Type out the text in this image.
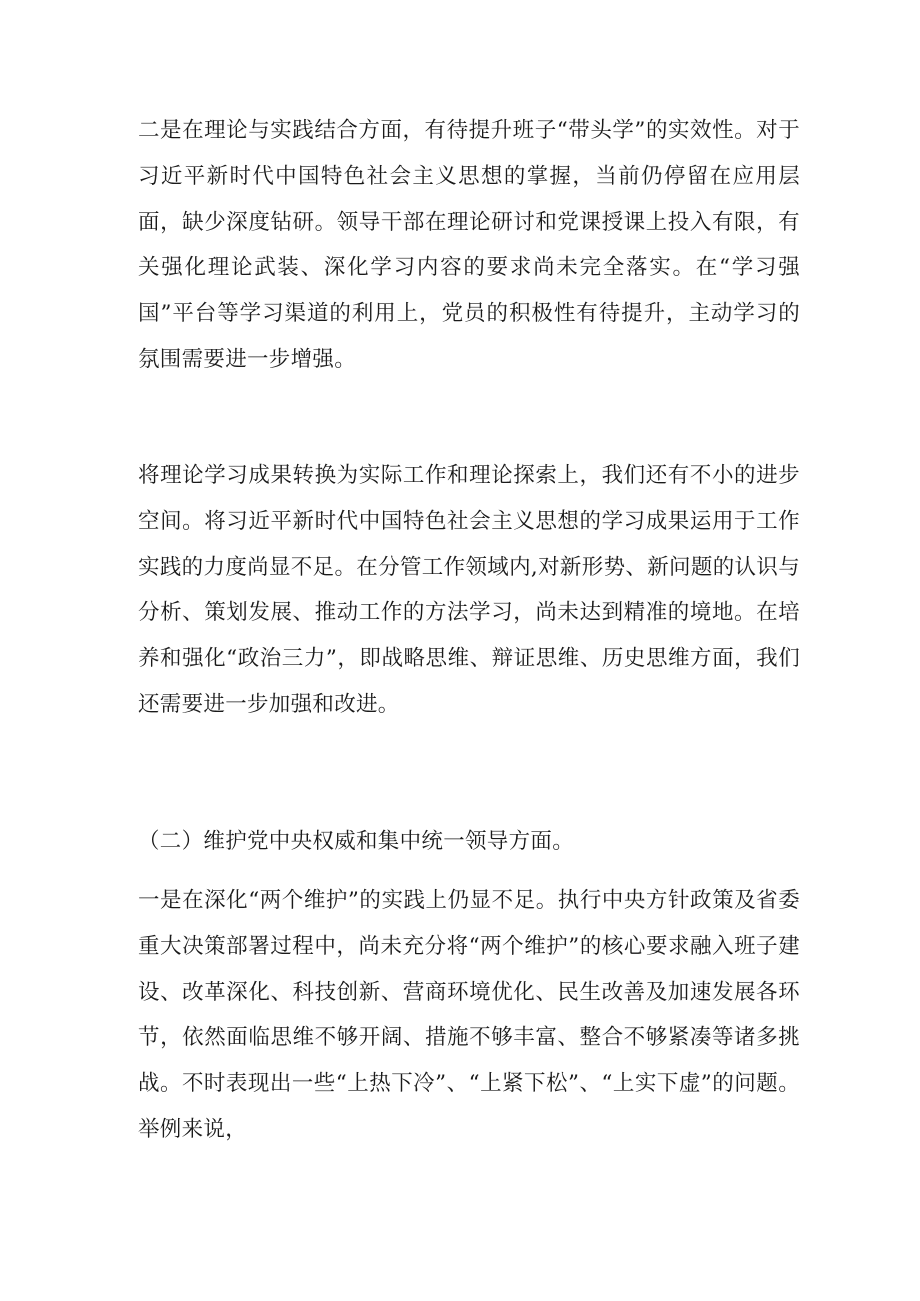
二是在理论与实践结合方面，有待提升班子“带头学”的实效性。对于习近平新时代中国特色社会主义思想的掌握，当前仍停留在应用层面，缺少深度钻研。领导干部在理论研讨和党课授课上投入有限，有关强化理论武装、深化学习内容的要求尚未完全落实。在“学习强国”平台等学习渠道的利用上，党员的积极性有待提升，主动学习的氛围需要进一步增强。
将理论学习成果转换为实际工作和理论探索上，我们还有不小的进步空间。将习近平新时代中国特色社会主义思想的学习成果运用于工作实践的力度尚显不足。在分管工作领域内,对新形势、新问题的认识与分析、策划发展、推动工作的方法学习，尚未达到精准的境地。在培养和强化“政治三力”，即战略思维、辩证思维、历史思维方面，我们还需要进一步加强和改进。
（二）维护党中央权威和集中统一领导方面。
一是在深化“两个维护”的实践上仍显不足。执行中央方针政策及省委重大决策部署过程中，尚未充分将“两个维护”的核心要求融入班子建设、改革深化、科技创新、营商环境优化、民生改善及加速发展各环节，依然面临思维不够开阔、措施不够丰富、整合不够紧凑等诸多挑战。不时表现出一些“上热下冷”、“上紧下松”、“上实下虚”的问题。举例来说，
